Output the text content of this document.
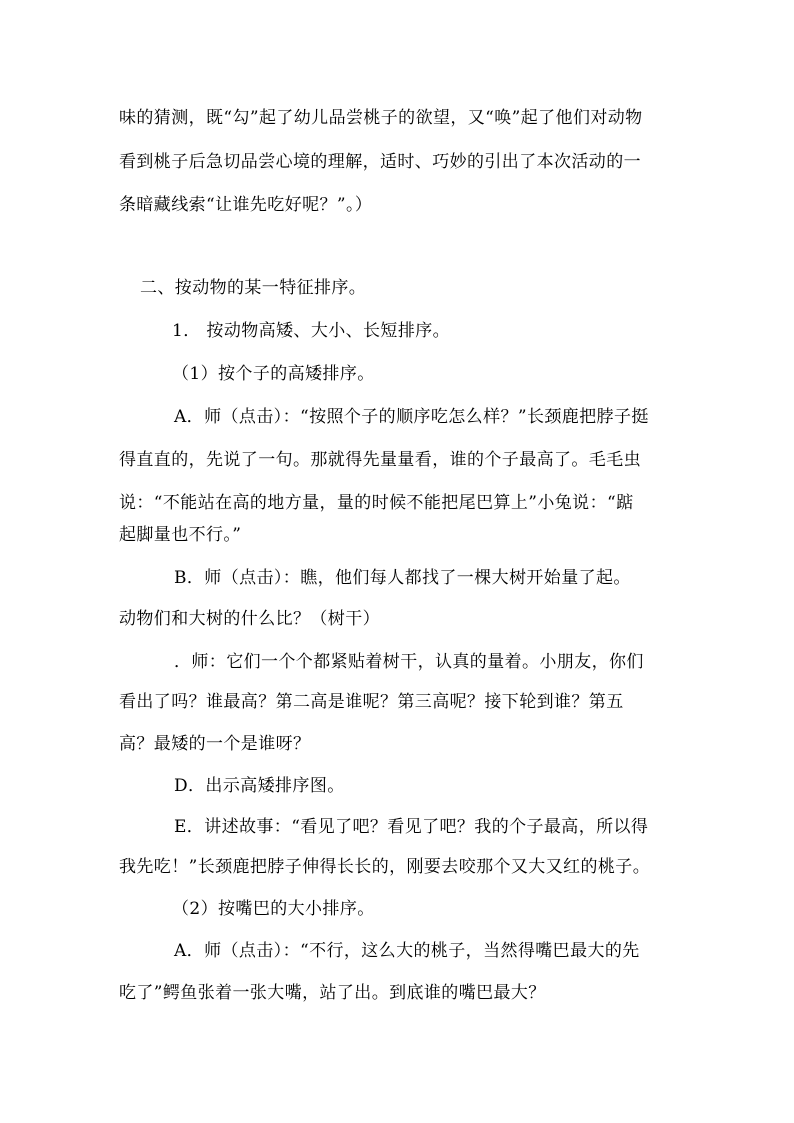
味的猜测，既“勾”起了幼儿品尝桃子的欲望，又“唤”起了他们对动物
看到桃子后急切品尝心境的理解，适时、巧妙的引出了本次活动的一
条暗藏线索“让谁先吃好呢？”。）
二、按动物的某一特征排序。
1． 按动物高矮、大小、长短排序。
（1）按个子的高矮排序。
A．师（点击）：“按照个子的顺序吃怎么样？”长颈鹿把脖子挺
得直直的，先说了一句。那就得先量量看，谁的个子最高了。毛毛虫
说：“不能站在高的地方量，量的时候不能把尾巴算上”小兔说：“踮
起脚量也不行。”
B．师（点击）：瞧，他们每人都找了一棵大树开始量了起。
动物们和大树的什么比？（树干）
．师：它们一个个都紧贴着树干，认真的量着。小朋友，你们
看出了吗？谁最高？第二高是谁呢？第三高呢？接下轮到谁？第五
高？最矮的一个是谁呀？
D．出示高矮排序图。
E．讲述故事：“看见了吧？看见了吧？我的个子最高，所以得
我先吃！”长颈鹿把脖子伸得长长的，刚要去咬那个又大又红的桃子。
（2）按嘴巴的大小排序。
A．师（点击）：“不行，这么大的桃子，当然得嘴巴最大的先
吃了”鳄鱼张着一张大嘴，站了出。到底谁的嘴巴最大？
